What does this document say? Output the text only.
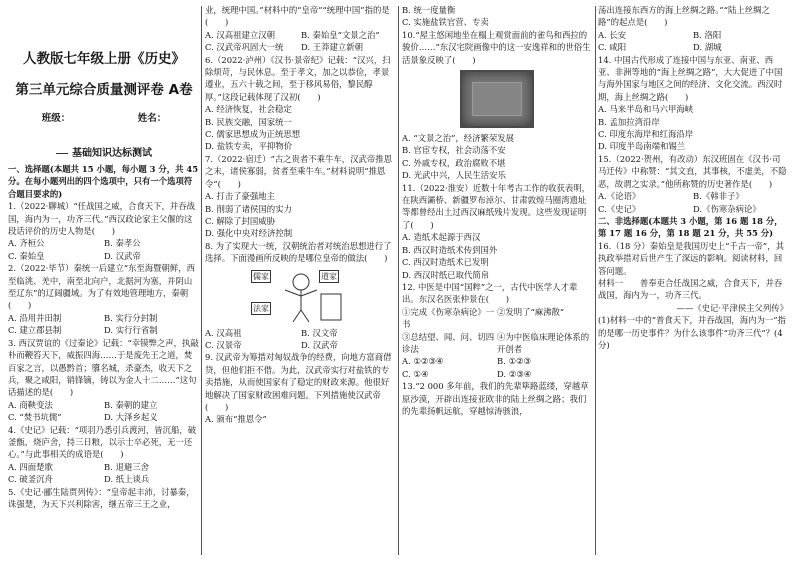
人教版七年级上册《历史》
第三单元综合质量测评卷 A卷
班级：	姓名：
基础知识达标测试
一、选择题(本题共 15 小题，每小题 3 分，共 45 分。在每小题列出的四个选项中，只有一个选项符合题目要求的)
1.（2022·聊城）“任战国之威，合食天下，并吞战国，海内为一，功齐三代。”西汉政论家主父偃的这段话评价的历史人物是(　　)
A. 齐桓公	B. 秦孝公
C. 秦始皇	D. 汉武帝
2.（2022·毕节）秦统一后建立“东至海暨朝鲜，西至临洮、羌中，南至北向户，北据河为塞，并阴山至辽东”的辽阔疆域。为了有效地管理地方，秦朝(　　)
A. 沿用井田制	B. 实行分封制
C. 建立郡县制	D. 实行行省制
3. 西汉贾谊的《过秦论》记载：“幸镆弊之声，执敲朴而鞭笞天下，威振四海……于是废先王之道，焚百家之言，以愚黔首；隳名城，杀豪杰，收天下之兵，聚之咸阳，销锋镝，铸以为金人十二……”这句话描述的是(　　)
A. 商鞅变法	B. 秦朝的建立
C. “焚书坑儒”	D. 大泽乡起义
4.《史记》记载：“项羽乃悉引兵渡河，皆沉船，破釜甑，烧庐舍，持三日粮，以示士卒必死，无一还心。”与此事相关的成语是(　　)
A. 四面楚歌	B. 退避三舍
C. 破釜沉舟	D. 纸上谈兵
5.《史记·郦生陆贾列传》：“皇帝起丰沛，讨暴秦，诛强楚，为天下兴利除害，继五帝三王之业，
业，统理中国。”材料中的“皇帝”“统理中国”指的是(　　)
A. 汉高祖建立汉朝	B. 秦始皇“文景之治”
C. 汉武帝巩固大一统	D. 王莽建立新朝
6.（2022·泸州）《汉书·景帝纪》记载：“汉兴，扫除烦苛，与民休息。至于孝文，加之以恭俭，孝景遵业，五六十载之间，至于移风易俗，黎民醇厚。”这段记载体现了汉初(　　)
A. 经济恢复，社会稳定
B. 民族交融，国家统一
C. 儒家思想成为正统思想
D. 盐铁专卖，平抑物价
7.（2022·宿迁）“古之贵者不乘牛车，汉武帝推恩之末，诸侯寡弱，贫者至乘牛车。”材料说明“推恩令”(　　)
A. 打击了豪强地主
B. 削弱了诸侯国的实力
C. 解除了封国威胁
D. 强化中央对经济控制
8. 为了实现大一统，汉朝统治者对统治思想进行了选择。下面漫画所反映的是哪位皇帝的做法(　　)
儒家	道家
法家
A. 汉高祖	B. 汉文帝
C. 汉景帝	D. 汉武帝
9. 汉武帝为筹措对匈奴战争的经费，向地方富商借贷，但他们拒不借。为此，汉武帝实行对盐铁的专卖措施，从而使国家有了稳定的财政来源。他很好地解决了国家财政困难问题。下列措施使汉武帝(　　)
A. 颁布“推恩令”
B. 统一度量衡
C. 实施盐铁官营、专卖
10.“屋主悠闲地坐在榻上观赏面前的雀鸟和西拉的骏价……”东汉宅院画像中的这一安逸祥和的世俗生活景象反映了(　　)
A. “文景之治”，经济繁荣发展
B. 官宦专权，社会动荡不安
C. 外戚专权，政治腐败不堪
D. 光武中兴，人民生活安乐
11.（2022·淮安）近数十年考古工作的收获表明，在陕西灞桥、新疆罗布淖尔、甘肃敦煌马圈湾遗址等都曾经出土过西汉麻纸残片发现。这些发现证明了(　　)
A. 造纸术起源于西汉
B. 西汉时造纸术传到国外
C. 西汉时造纸术已发明
D. 西汉时纸已取代简帛
12. 中医是中国“国粹”之一，古代中医学人才辈出。东汉名医张仲景在(　　)
①完成《伤寒杂病论》一书
②发明了“麻沸散”
③总结望、闻、问、切四诊法
④为中医临床理论体系的开创者
A. ①②③④	B. ①②③
C. ①④	D. ②③④
13.“2 000 多年前，我们的先辈筚路蓝缕，穿越草原沙漠，开辟出连接亚欧非的陆上丝绸之路；我们的先辈扬帆远航，穿越惊涛骇浪，
荡出连接东西方的海上丝绸之路。”“陆上丝绸之路”的起点是(　　)
A. 长安	B. 洛阳
C. 咸阳	D. 湖城
14. 中国古代形成了连接中国与东亚、南亚、西亚、非洲等地的“海上丝绸之路”，大大促进了中国与海外国家与地区之间的经济、文化交流。西汉时期，海上丝绸之路(　　)
A. 马来半岛和马六甲海峡
B. 孟加拉湾沿岸
C. 印度东海岸和红海沿岸
D. 印度半岛南端和锡兰
15.（2022·贺州，有改动）东汉班固在《汉书·司马迁传》中称赞：“其文直，其事核，不虚美，不隐恶，故谓之实录。”他所称赞的历史著作是(　　)
A.《论语》	B.《韩非子》
C.《史记》	D.《伤寒杂病论》
二、非选择题(本题共 3 小题，第 16 题 18 分，第 17 题 16 分，第 18 题 21 分，共 55 分)
16.（18 分）秦始皇是我国历史上“千古一帝”，其执政举措对后世产生了深远的影响。阅读材料，回答问题。
材料一　　普奉吏合任战国之威，合食天下，并吞战国，海内为一，功齐三代。
——《史记·平津侯主父列传》
(1)材料一中的“普食天下，并吞战国，海内为一”指的是哪一历史事件？为什么该事件“功齐三代”？(4 分)
